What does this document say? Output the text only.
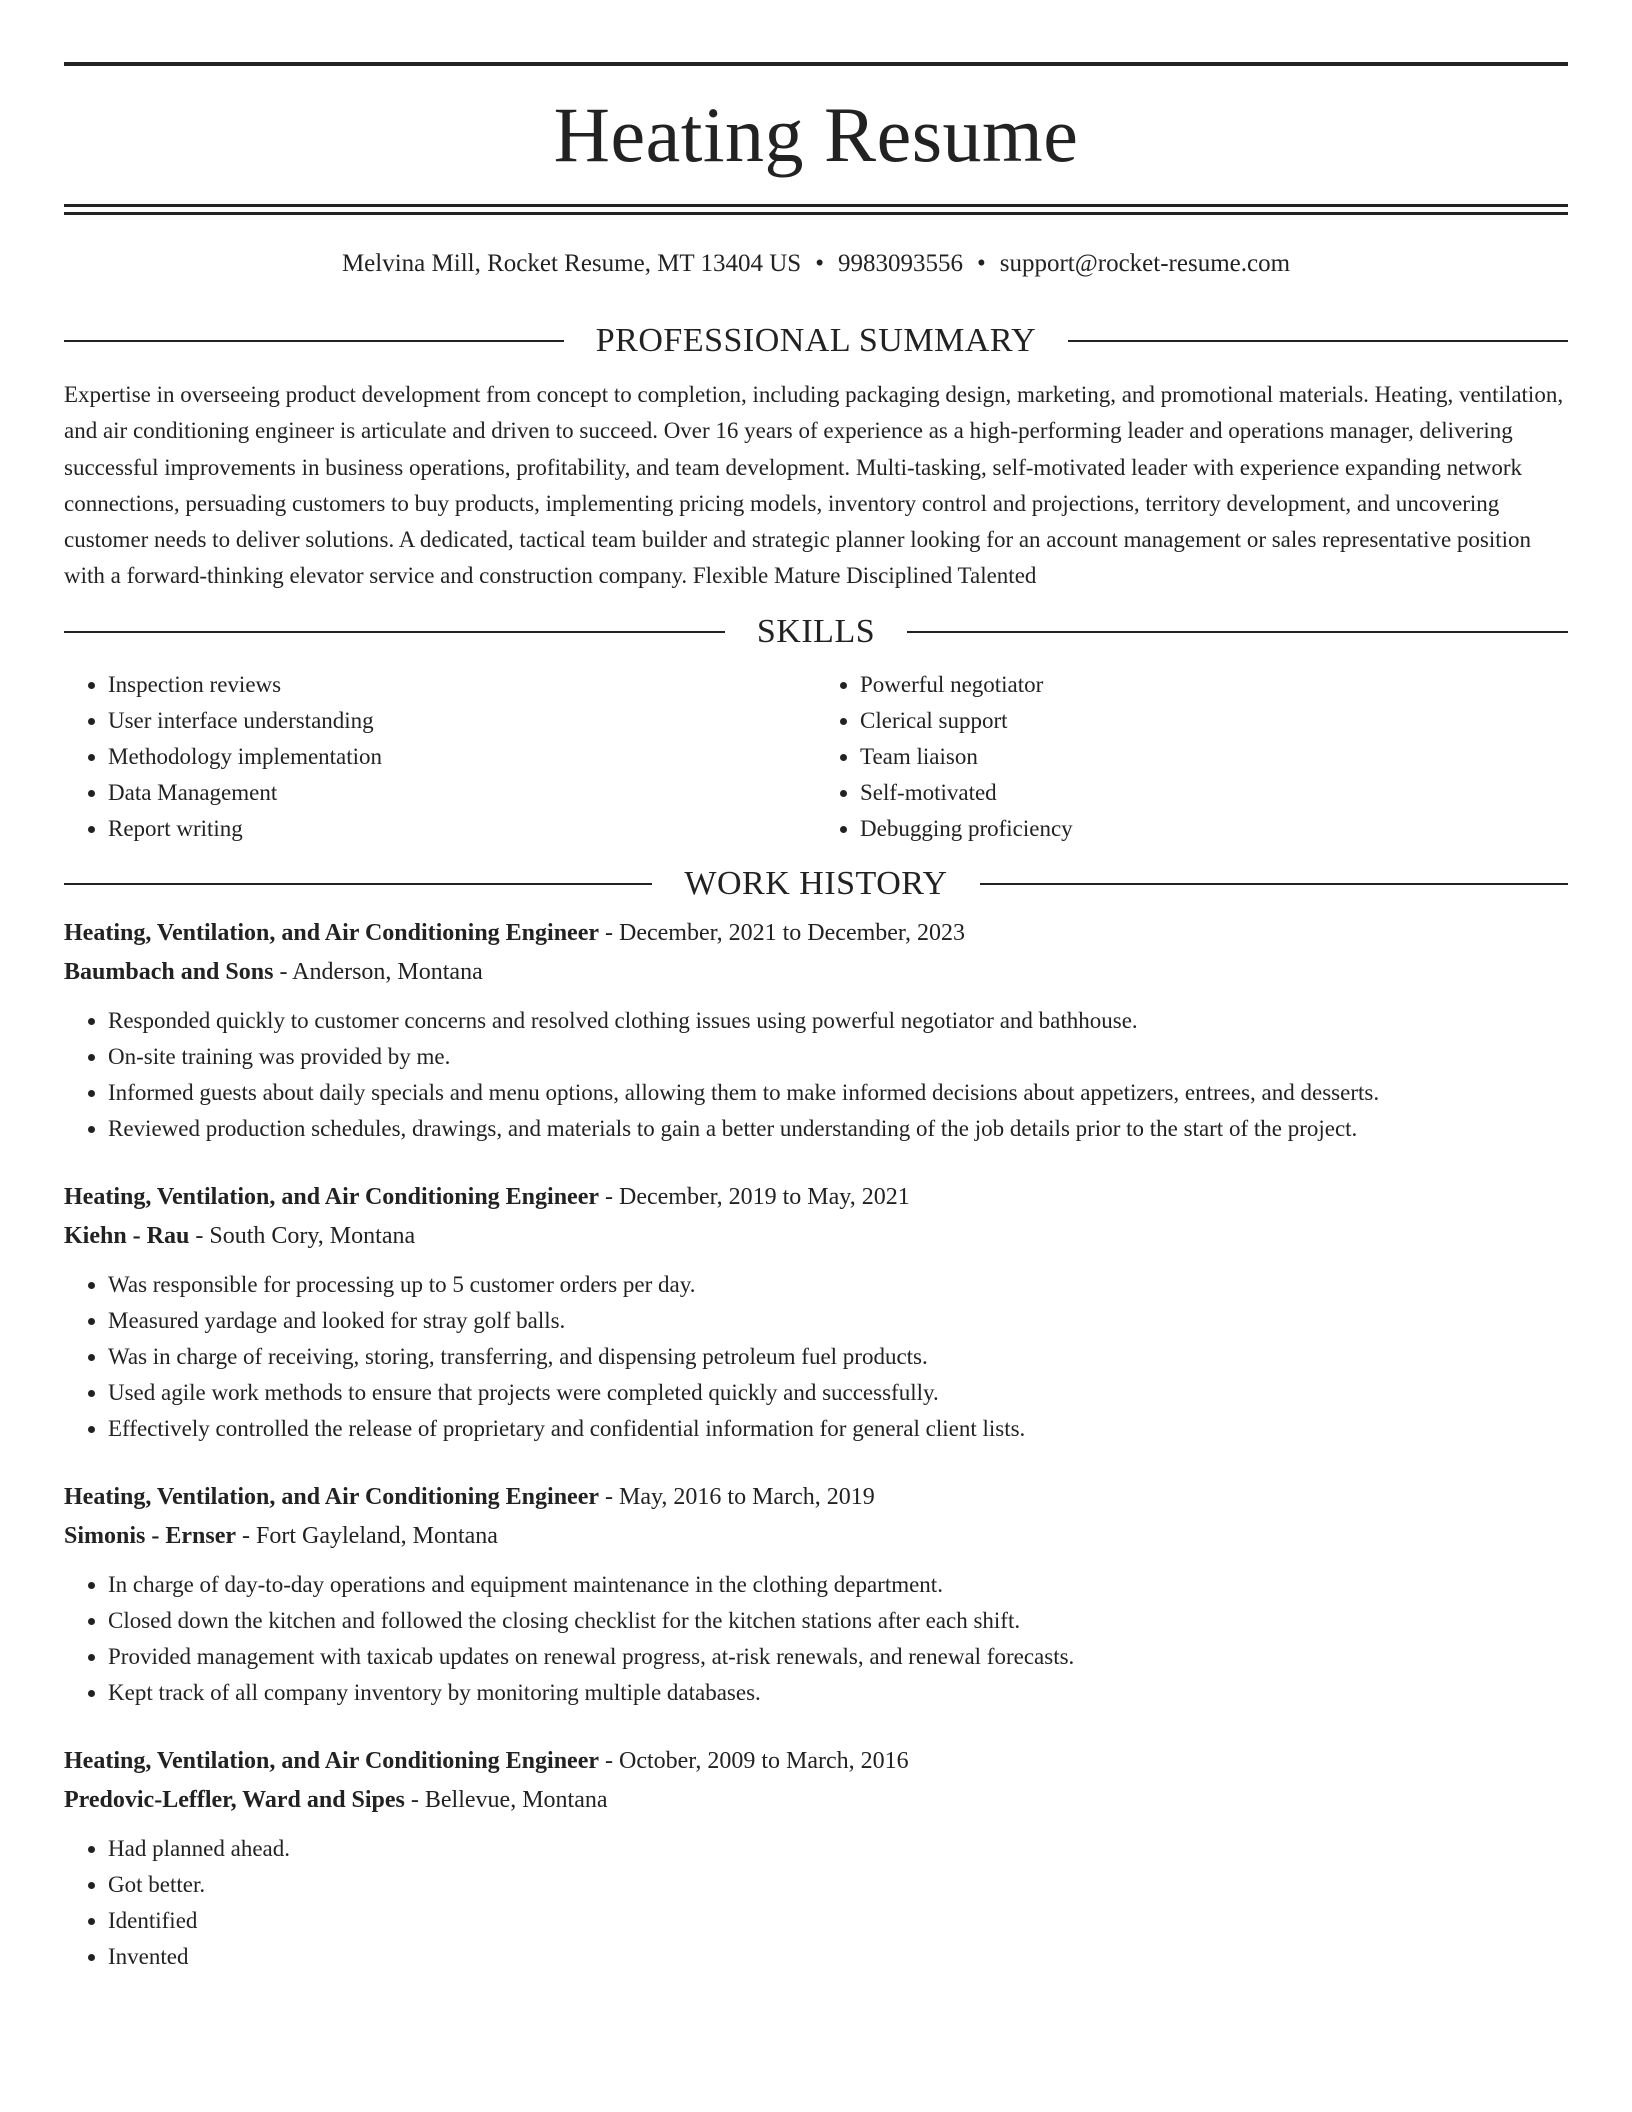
Heating Resume
Melvina Mill, Rocket Resume, MT 13404 US • 9983093556 • support@rocket-resume.com
PROFESSIONAL SUMMARY

Expertise in overseeing product development from concept to completion, including packaging design, marketing, and promotional materials. Heating, ventilation, and air conditioning engineer is articulate and driven to succeed. Over 16 years of experience as a high-performing leader and operations manager, delivering successful improvements in business operations, profitability, and team development. Multi-tasking, self-motivated leader with experience expanding network connections, persuading customers to buy products, implementing pricing models, inventory control and projections, territory development, and uncovering customer needs to deliver solutions. A dedicated, tactical team builder and strategic planner looking for an account management or sales representative position with a forward-thinking elevator service and construction company. Flexible Mature Disciplined Talented

SKILLS
• Inspection reviews
• User interface understanding
• Methodology implementation
• Data Management
• Report writing
• Powerful negotiator
• Clerical support
• Team liaison
• Self-motivated
• Debugging proficiency
WORK HISTORY
Heating, Ventilation, and Air Conditioning Engineer - December, 2021 to December, 2023
Baumbach and Sons - Anderson, Montana
• Responded quickly to customer concerns and resolved clothing issues using powerful negotiator and bathhouse.
• On-site training was provided by me.
• Informed guests about daily specials and menu options, allowing them to make informed decisions about appetizers, entrees, and desserts.
• Reviewed production schedules, drawings, and materials to gain a better understanding of the job details prior to the start of the project.
Heating, Ventilation, and Air Conditioning Engineer - December, 2019 to May, 2021
Kiehn - Rau - South Cory, Montana
• Was responsible for processing up to 5 customer orders per day.
• Measured yardage and looked for stray golf balls.
• Was in charge of receiving, storing, transferring, and dispensing petroleum fuel products.
• Used agile work methods to ensure that projects were completed quickly and successfully.
• Effectively controlled the release of proprietary and confidential information for general client lists.
Heating, Ventilation, and Air Conditioning Engineer - May, 2016 to March, 2019
Simonis - Ernser - Fort Gayleland, Montana
• In charge of day-to-day operations and equipment maintenance in the clothing department.
• Closed down the kitchen and followed the closing checklist for the kitchen stations after each shift.
• Provided management with taxicab updates on renewal progress, at-risk renewals, and renewal forecasts.
• Kept track of all company inventory by monitoring multiple databases.
Heating, Ventilation, and Air Conditioning Engineer - October, 2009 to March, 2016
Predovic-Leffler, Ward and Sipes - Bellevue, Montana
• Had planned ahead.
• Got better.
• Identified
• Invented
